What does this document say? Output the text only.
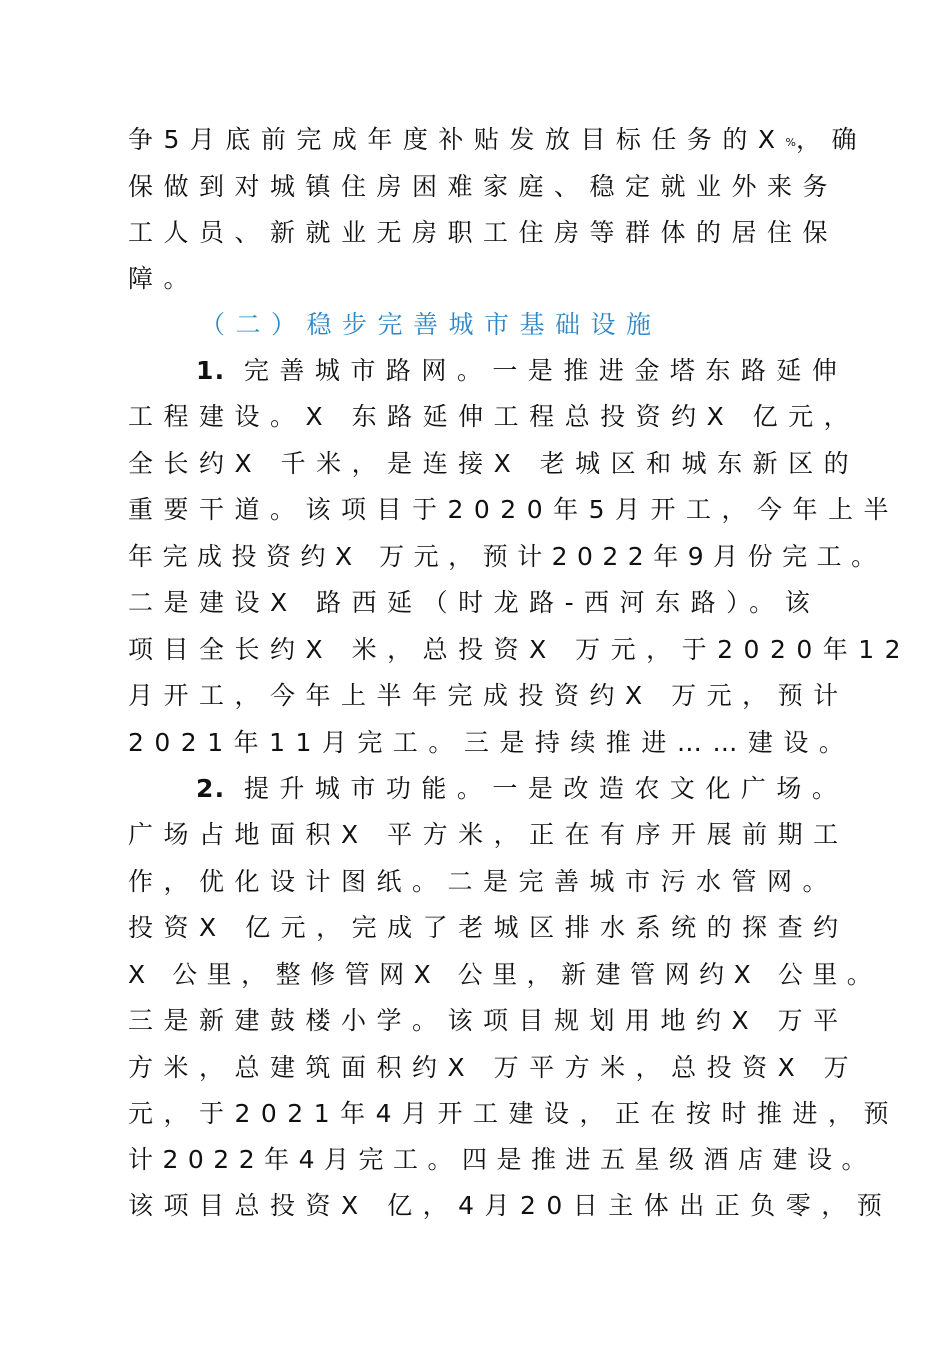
争5月底前完成年度补贴发放目标任务的X%，确

保做到对城镇住房困难家庭、稳定就业外来务

工人员、新就业无房职工住房等群体的居住保

障。

（二）稳步完善城市基础设施

1. 完善城市路网。一是推进金塔东路延伸

工程建设。X 东路延伸工程总投资约X 亿元，

全长约X 千米，是连接X 老城区和城东新区的

重要干道。该项目于2020年5月开工，今年上半

年完成投资约X 万元，预计2022年9月份完工。

二是建设X 路西延（时龙路-西河东路）。该

项目全长约X 米，总投资X 万元，于2020年12

月开工，今年上半年完成投资约X 万元，预计

2021年11月完工。三是持续推进……建设。

2. 提升城市功能。一是改造农文化广场。

广场占地面积X 平方米，正在有序开展前期工

作，优化设计图纸。二是完善城市污水管网。

投资X 亿元，完成了老城区排水系统的探查约

X 公里，整修管网X 公里，新建管网约X 公里。

三是新建鼓楼小学。该项目规划用地约X 万平

方米，总建筑面积约X 万平方米，总投资X 万

元，于2021年4月开工建设，正在按时推进，预

计2022年4月完工。四是推进五星级酒店建设。

该项目总投资X 亿，4月20日主体出正负零，预
